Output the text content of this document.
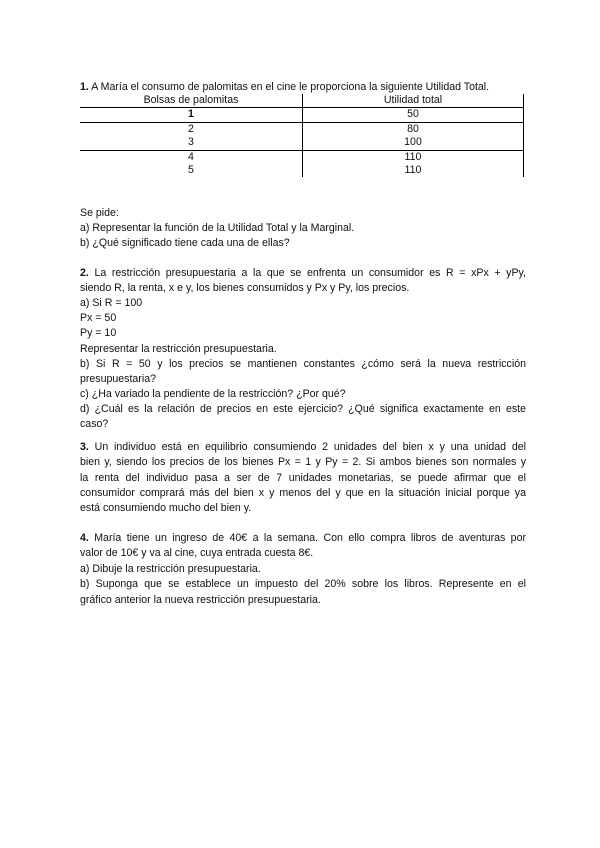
1. A María el consumo de palomitas en el cine le proporciona la siguiente Utilidad Total.

Bolsas de palomitas	Utilidad total
1	50
2	80
3	100
4	110
5	110

Se pide:

a) Representar la función de la Utilidad Total y la Marginal.

b) ¿Qué significado tiene cada una de ellas?

2. La restricción presupuestaria a la que se enfrenta un consumidor es R = xPx + yPy,

siendo R, la renta, x e y, los bienes consumidos y Px y Py, los precios.

a) Si R = 100

Px = 50

Py = 10

Representar la restricción presupuestaria.

b) Si R = 50 y los precios se mantienen constantes ¿cómo será la nueva restricción

presupuestaria?

c) ¿Ha variado la pendiente de la restricción? ¿Por qué?

d) ¿Cuál es la relación de precios en este ejercicio? ¿Qué significa exactamente en este

caso?

3. Un individuo está en equilibrio consumiendo 2 unidades del bien x y una unidad del

bien y, siendo los precios de los bienes Px = 1 y Py = 2. Si ambos bienes son normales y

la renta del individuo pasa a ser de 7 unidades monetarias, se puede afirmar que el

consumidor comprará más del bien x y menos del y que en la situación inicial porque ya

está consumiendo mucho del bien y.

4. María tiene un ingreso de 40€ a la semana. Con ello compra libros de aventuras por

valor de 10€ y va al cine, cuya entrada cuesta 8€.

a) Dibuje la restricción presupuestaria.

b) Suponga que se establece un impuesto del 20% sobre los libros. Represente en el

gráfico anterior la nueva restricción presupuestaria.
